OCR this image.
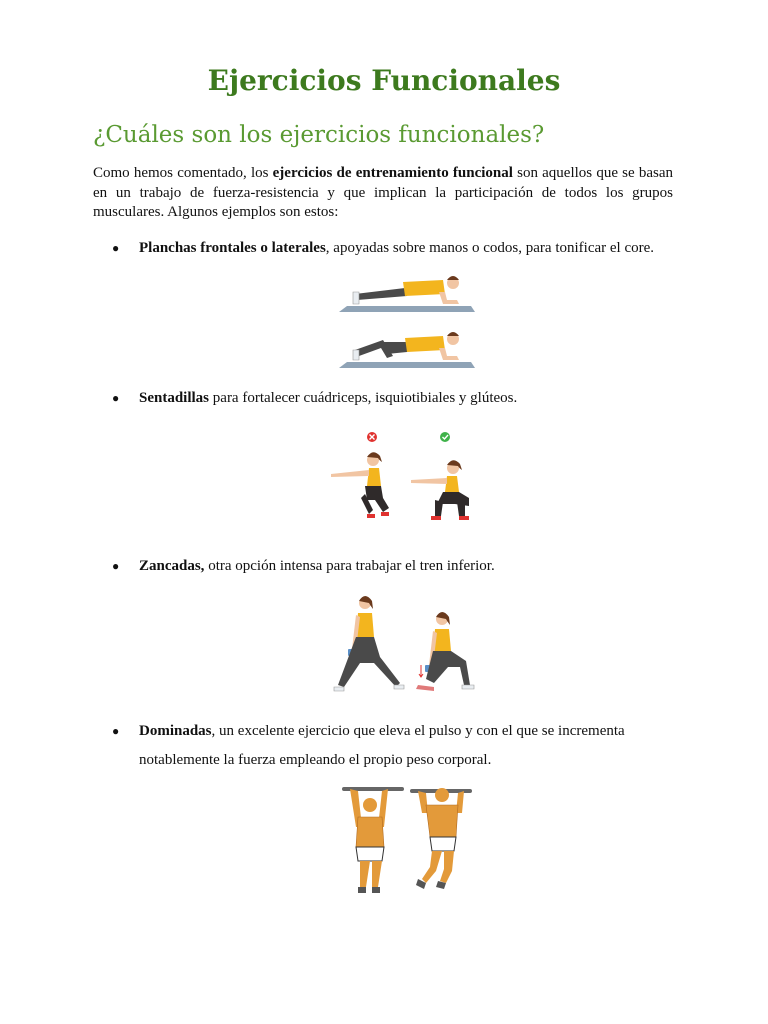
Ejercicios Funcionales
¿Cuáles son los ejercicios funcionales?

Como hemos comentado, los ejercicios de entrenamiento funcional son aquellos que se basan en un trabajo de fuerza-resistencia y que implican la participación de todos los grupos musculares. Algunos ejemplos son estos:

● Planchas frontales o laterales, apoyadas sobre manos o codos, para tonificar el core.
● Sentadillas para fortalecer cuádriceps, isquiotibiales y glúteos.
● Zancadas, otra opción intensa para trabajar el tren inferior.
● Dominadas, un excelente ejercicio que eleva el pulso y con el que se incrementa notablemente la fuerza empleando el propio peso corporal.
